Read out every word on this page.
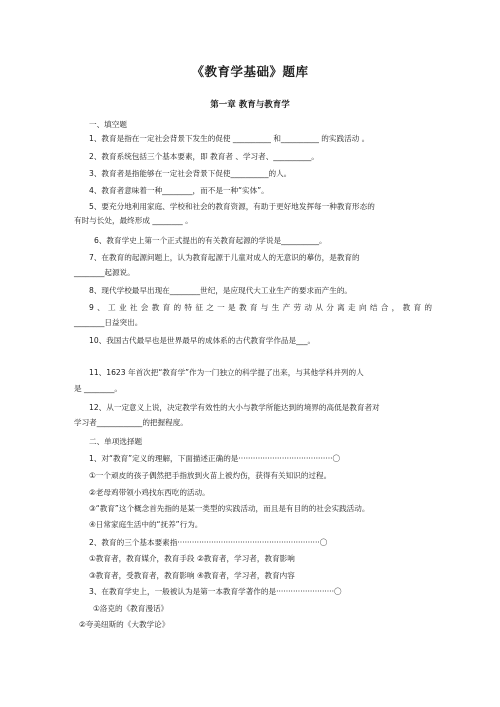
《教育学基础》题库
第一章 教育与教育学
一、填空题
1、教育是指在一定社会背景下发生的促使 __________ 和__________ 的实践活动 。
2、教育系统包括三个基本要素，即 教育者 、学习者、__________。
3、教育者是指能够在一定社会背景下促使__________的人。
4、教育者意味着一种________，而不是一种“实体”。
5、要充分地利用家庭、学校和社会的教育资源，有助于更好地发挥每一种教育形态的
有时与长处，最终形成 ________ 。
6、教育学史上第一个正式提出的有关教育起源的学说是__________。
7、在教育的起源问题上，认为教育起源于儿童对成人的无意识的摹仿，是教育的
________起源说。
8、现代学校最早出现在________世纪，是应现代大工业生产的要求而产生的。
9、工业社会教育的特征之一是教育与生产劳动从分离走向结合，教育的
________日益突出。
10、我国古代最早也是世界最早的成体系的古代教育学作品是___。
11、1623 年首次把“教育学”作为一门独立的科学提了出来，与其他学科并列的人
是 ________。
12、从一定意义上说，决定教学有效性的大小与教学所能达到的境界的高低是教育者对
学习者____________的把握程度。
二、单项选择题
1、对“教育”定义的理解，下面描述正确的是·······································〇
①一个顽皮的孩子偶然把手指放到火苗上被灼伤，获得有关知识的过程。
②老母鸡带领小鸡找东西吃的活动。
③“教育”这个概念首先指的是某一类型的实践活动，而且是有目的的社会实践活动。
④日常家庭生活中的“抚养”行为。
2、教育的三个基本要素指···························································〇
①教育者，教育媒介，教育手段 ②教育者，学习者，教育影响
③教育者，受教育者，教育影响 ④教育者，学习者，教育内容
3、在教育学史上，一般被认为是第一本教育学著作的是························〇
①洛克的《教育漫话》
②夸美纽斯的《大教学论》
